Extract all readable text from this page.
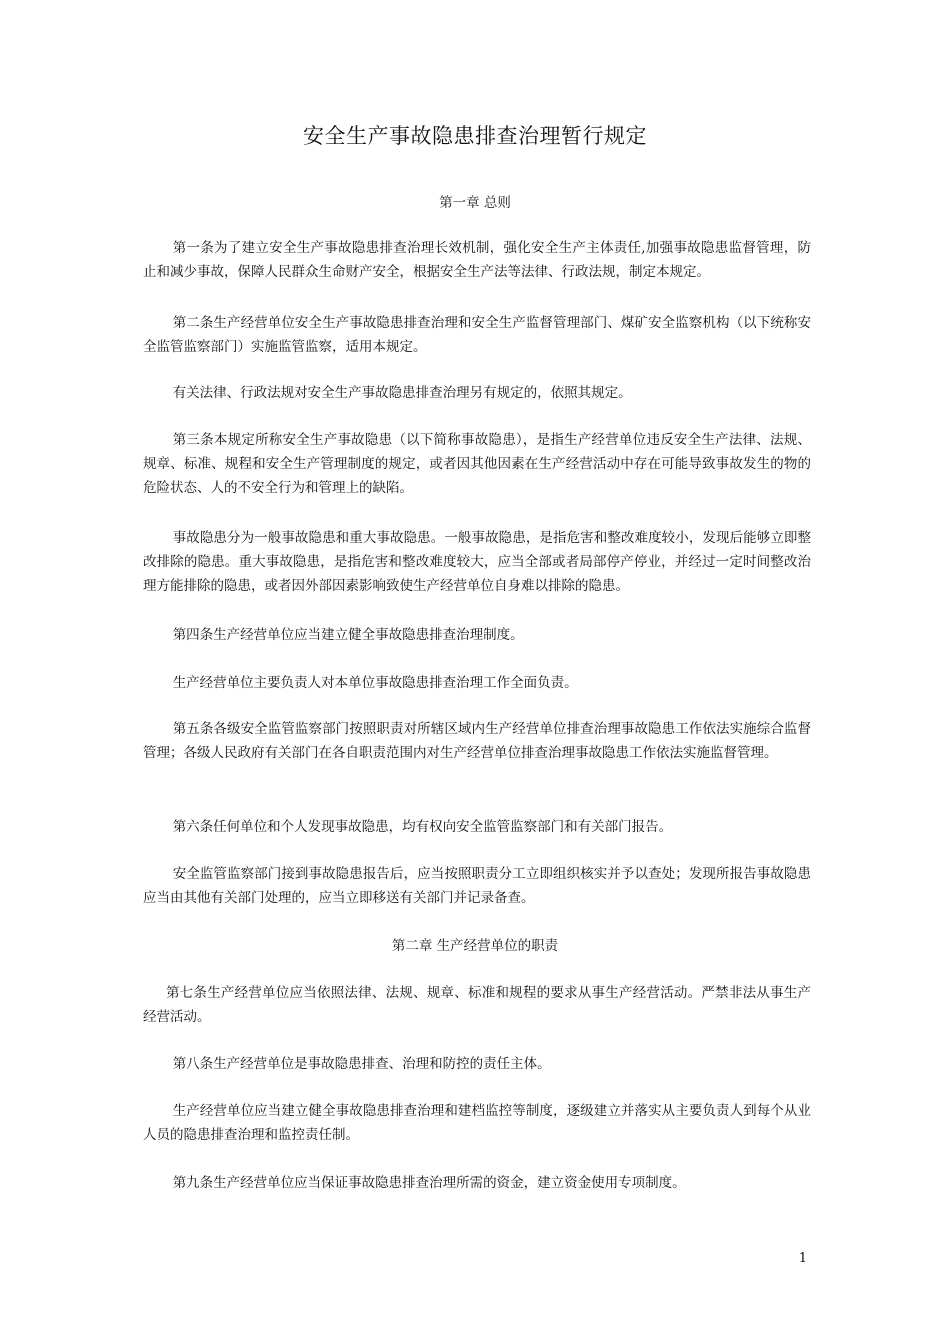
安全生产事故隐患排查治理暂行规定

第一章 总则

第一条为了建立安全生产事故隐患排查治理长效机制，强化安全生产主体责任,加强事故隐患监督管理，防止和减少事故，保障人民群众生命财产安全，根据安全生产法等法律、行政法规，制定本规定。

第二条生产经营单位安全生产事故隐患排查治理和安全生产监督管理部门、煤矿安全监察机构（以下统称安全监管监察部门）实施监管监察，适用本规定。

有关法律、行政法规对安全生产事故隐患排查治理另有规定的，依照其规定。

第三条本规定所称安全生产事故隐患（以下简称事故隐患），是指生产经营单位违反安全生产法律、法规、规章、标准、规程和安全生产管理制度的规定，或者因其他因素在生产经营活动中存在可能导致事故发生的物的危险状态、人的不安全行为和管理上的缺陷。

事故隐患分为一般事故隐患和重大事故隐患。一般事故隐患，是指危害和整改难度较小，发现后能够立即整改排除的隐患。重大事故隐患，是指危害和整改难度较大，应当全部或者局部停产停业，并经过一定时间整改治理方能排除的隐患，或者因外部因素影响致使生产经营单位自身难以排除的隐患。

第四条生产经营单位应当建立健全事故隐患排查治理制度。

生产经营单位主要负责人对本单位事故隐患排查治理工作全面负责。

第五条各级安全监管监察部门按照职责对所辖区域内生产经营单位排查治理事故隐患工作依法实施综合监督管理；各级人民政府有关部门在各自职责范围内对生产经营单位排查治理事故隐患工作依法实施监督管理。

第六条任何单位和个人发现事故隐患，均有权向安全监管监察部门和有关部门报告。

安全监管监察部门接到事故隐患报告后，应当按照职责分工立即组织核实并予以查处；发现所报告事故隐患应当由其他有关部门处理的，应当立即移送有关部门并记录备查。

第二章 生产经营单位的职责

第七条生产经营单位应当依照法律、法规、规章、标准和规程的要求从事生产经营活动。严禁非法从事生产经营活动。

第八条生产经营单位是事故隐患排查、治理和防控的责任主体。

生产经营单位应当建立健全事故隐患排查治理和建档监控等制度，逐级建立并落实从主要负责人到每个从业人员的隐患排查治理和监控责任制。

第九条生产经营单位应当保证事故隐患排查治理所需的资金，建立资金使用专项制度。

1
